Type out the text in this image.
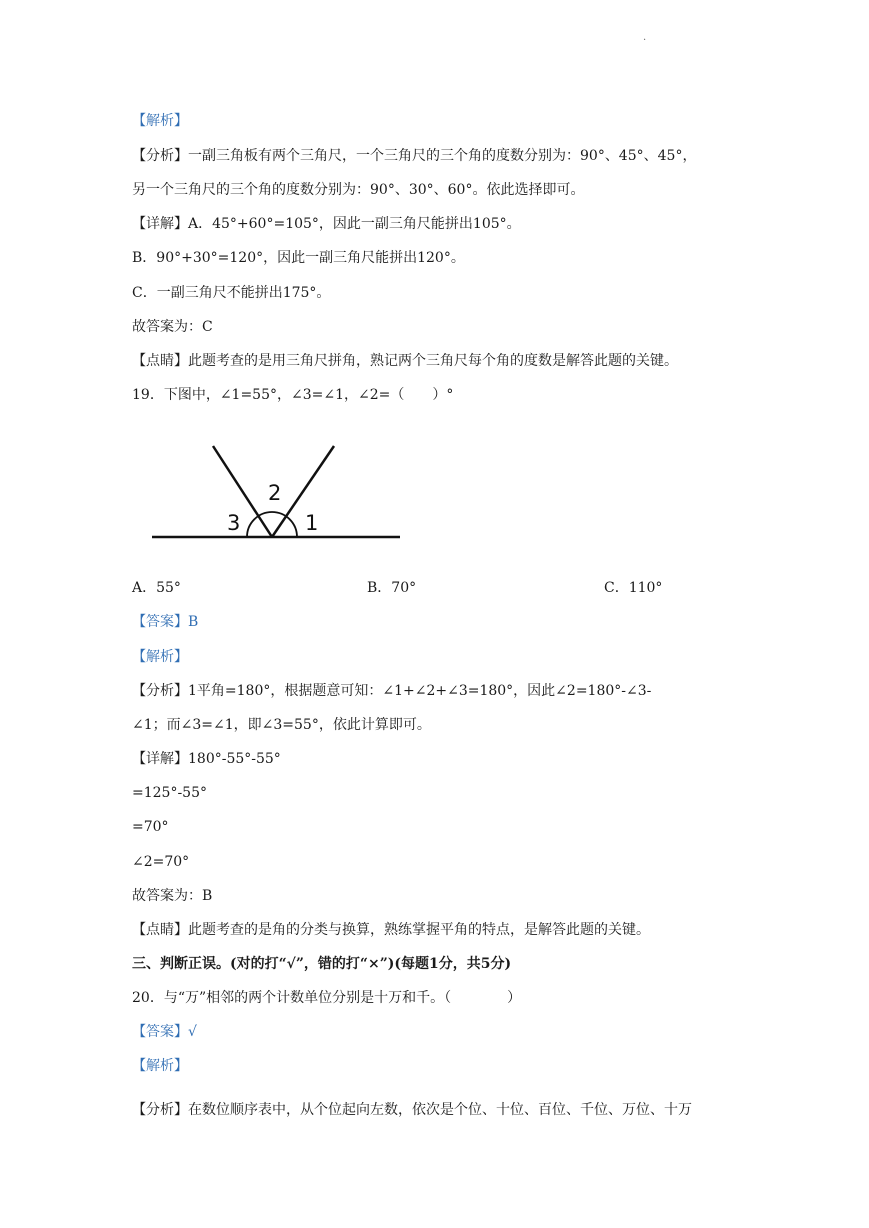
.
【解析】
【分析】一副三角板有两个三角尺，一个三角尺的三个角的度数分别为：90°、45°、45°，
另一个三角尺的三个角的度数分别为：90°、30°、60°。依此选择即可。
【详解】A．45°+60°=105°，因此一副三角尺能拼出105°。
B．90°+30°=120°，因此一副三角尺能拼出120°。
C．一副三角尺不能拼出175°。
故答案为：C
【点睛】此题考查的是用三角尺拼角，熟记两个三角尺每个角的度数是解答此题的关键。
19．下图中，∠1=55°，∠3=∠1，∠2=（　　）°
3
2
1
A．55°	B．70°	C．110°
【答案】B
【解析】
【分析】1平角=180°，根据题意可知：∠1+∠2+∠3=180°，因此∠2=180°-∠3-
∠1；而∠3=∠1，即∠3=55°，依此计算即可。
【详解】180°-55°-55°
=125°-55°
=70°
∠2=70°
故答案为：B
【点睛】此题考查的是角的分类与换算，熟练掌握平角的特点，是解答此题的关键。
三、判断正误。(对的打“√”，错的打“×”)(每题1分，共5分)
20．与“万”相邻的两个计数单位分别是十万和千。（　　　　）
【答案】√
【解析】
【分析】在数位顺序表中，从个位起向左数，依次是个位、十位、百位、千位、万位、十万
